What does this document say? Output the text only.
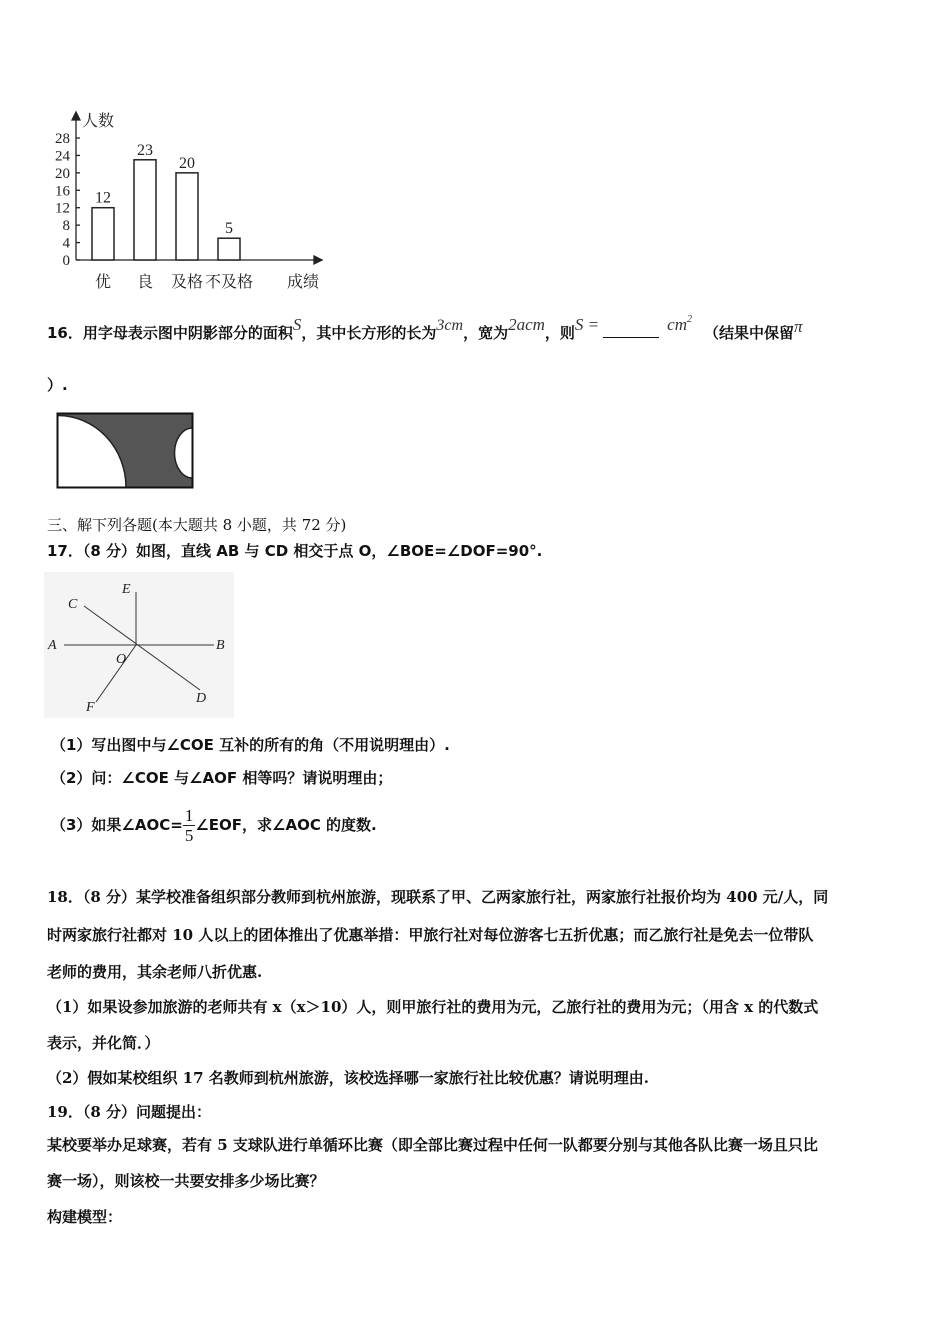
0
4
8
12
16
20
24
28
人数
12
优
23
良
20
及格
5
不及格 成绩
16．用字母表示图中阴影部分的面积S，其中长方形的长为3cm，宽为2acm，则S =	$cm^2$（结果中保留π
）.
三、解下列各题(本大题共 8 小题，共 72 分)
17．（8 分）如图，直线 AB 与 CD 相交于点 O，∠BOE=∠DOF=90°.
E
C
A	B
O
F
D
（1）写出图中与∠COE 互补的所有的角（不用说明理由）.
（2）问：∠COE 与∠AOF 相等吗？请说明理由；
（3）如果∠AOC= $\frac{1}{5}$ ∠EOF，求∠AOC 的度数.
18．（8 分）某学校准备组织部分教师到杭州旅游，现联系了甲、乙两家旅行社，两家旅行社报价均为 400 元/人，同
时两家旅行社都对 10 人以上的团体推出了优惠举措：甲旅行社对每位游客七五折优惠；而乙旅行社是免去一位带队
老师的费用，其余老师八折优惠.
（1）如果设参加旅游的老师共有 x（x＞10）人，则甲旅行社的费用为元，乙旅行社的费用为元；（用含 x 的代数式
表示，并化简．）
（2）假如某校组织 17 名教师到杭州旅游，该校选择哪一家旅行社比较优惠？请说明理由.
19．（8 分）问题提出：
某校要举办足球赛，若有 5 支球队进行单循环比赛（即全部比赛过程中任何一队都要分别与其他各队比赛一场且只比
赛一场），则该校一共要安排多少场比赛？
构建模型：
